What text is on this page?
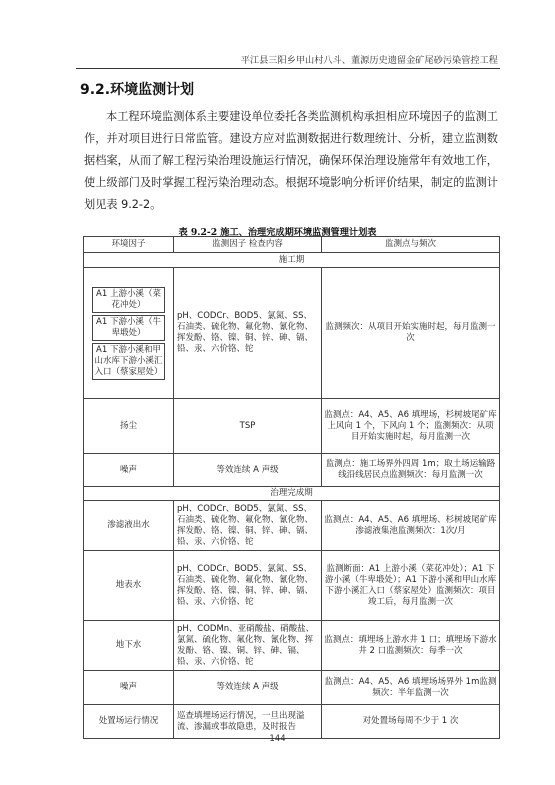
平江县三阳乡甲山村八斗、董源历史遗留金矿尾砂污染管控工程
9.2.环境监测计划
本工程环境监测体系主要建设单位委托各类监测机构承担相应环境因子的监测工作，并对项目进行日常监管。建设方应对监测数据进行数理统计、分析，建立监测数据档案，从而了解工程污染治理设施运行情况，确保环保治理设施常年有效地工作，使上级部门及时掌握工程污染治理动态。根据环境影响分析评价结果，制定的监测计划见表 9.2-2。
表 9.2-2 施工、治理完成期环境监测管理计划表
环境因子	监测因子 检查内容	监测点与频次
施工期		

A1 上游小溪（菜花冲处）
A1 下游小溪（牛卑塅处）
A1 下游小溪和甲山水库下游小溪汇入口（蔡家屋处）	pH、CODCr、BOD5、氯氮、SS、石油类、硫化物、氟化物、氰化物、挥发酚、铬、镍、铜、锌、砷、镉、铅、汞、六价铬、铊	监测频次：从项目开始实施时起，每月监测一次
扬尘	TSP	监测点：A4、A5、A6 填埋场，杉树坡尾矿库上风向 1 个，下风向 1 个；监测频次：从项目开始实施时起，每月监测一次
噪声	等效连续 A 声级	监测点：施工场界外四周 1m；取土场运输路线沿线居民点监测频次：每月监测一次
治理完成期		
渗滤液出水	pH、CODCr、BOD5、氯氮、SS、石油类、硫化物、氟化物、氰化物、挥发酚、铬、镍、铜、锌、砷、镉、铅、汞、六价铬、铊	监测点：A4、A5、A6 填埋场、杉树坡尾矿库渗滤液集池监测频次：1次/月
地表水	pH、CODCr、BOD5、氯氮、SS、石油类、硫化物、氟化物、氰化物、挥发酚、铬、镍、铜、锌、砷、镉、铅、汞、六价铬、铊	监测断面：A1 上游小溪（菜花冲处）；A1 下游小溪（牛卑塅处）；A1 下游小溪和甲山水库下游小溪汇入口（蔡家屋处）监测频次：项目竣工后，每月监测一次
地下水	pH、CODMn、亚硝酸盐、硝酸盐、氯氮、硫化物、氟化物、氰化物、挥发酚、铬、镍、铜、锌、砷、镉、铅、汞、六价铬、铊	监测点：填埋场上游水井 1 口；填埋场下游水井 2 口监测频次：每季一次
噪声	等效连续 A 声级	监测点：A4、A5、A6 填埋场场界外 1m监测频次：半年监测一次
处置场运行情况	巡查填埋场运行情况，一旦出现溢流、渗漏或事故隐患，及时报告	对处置场每周不少于 1 次
144
